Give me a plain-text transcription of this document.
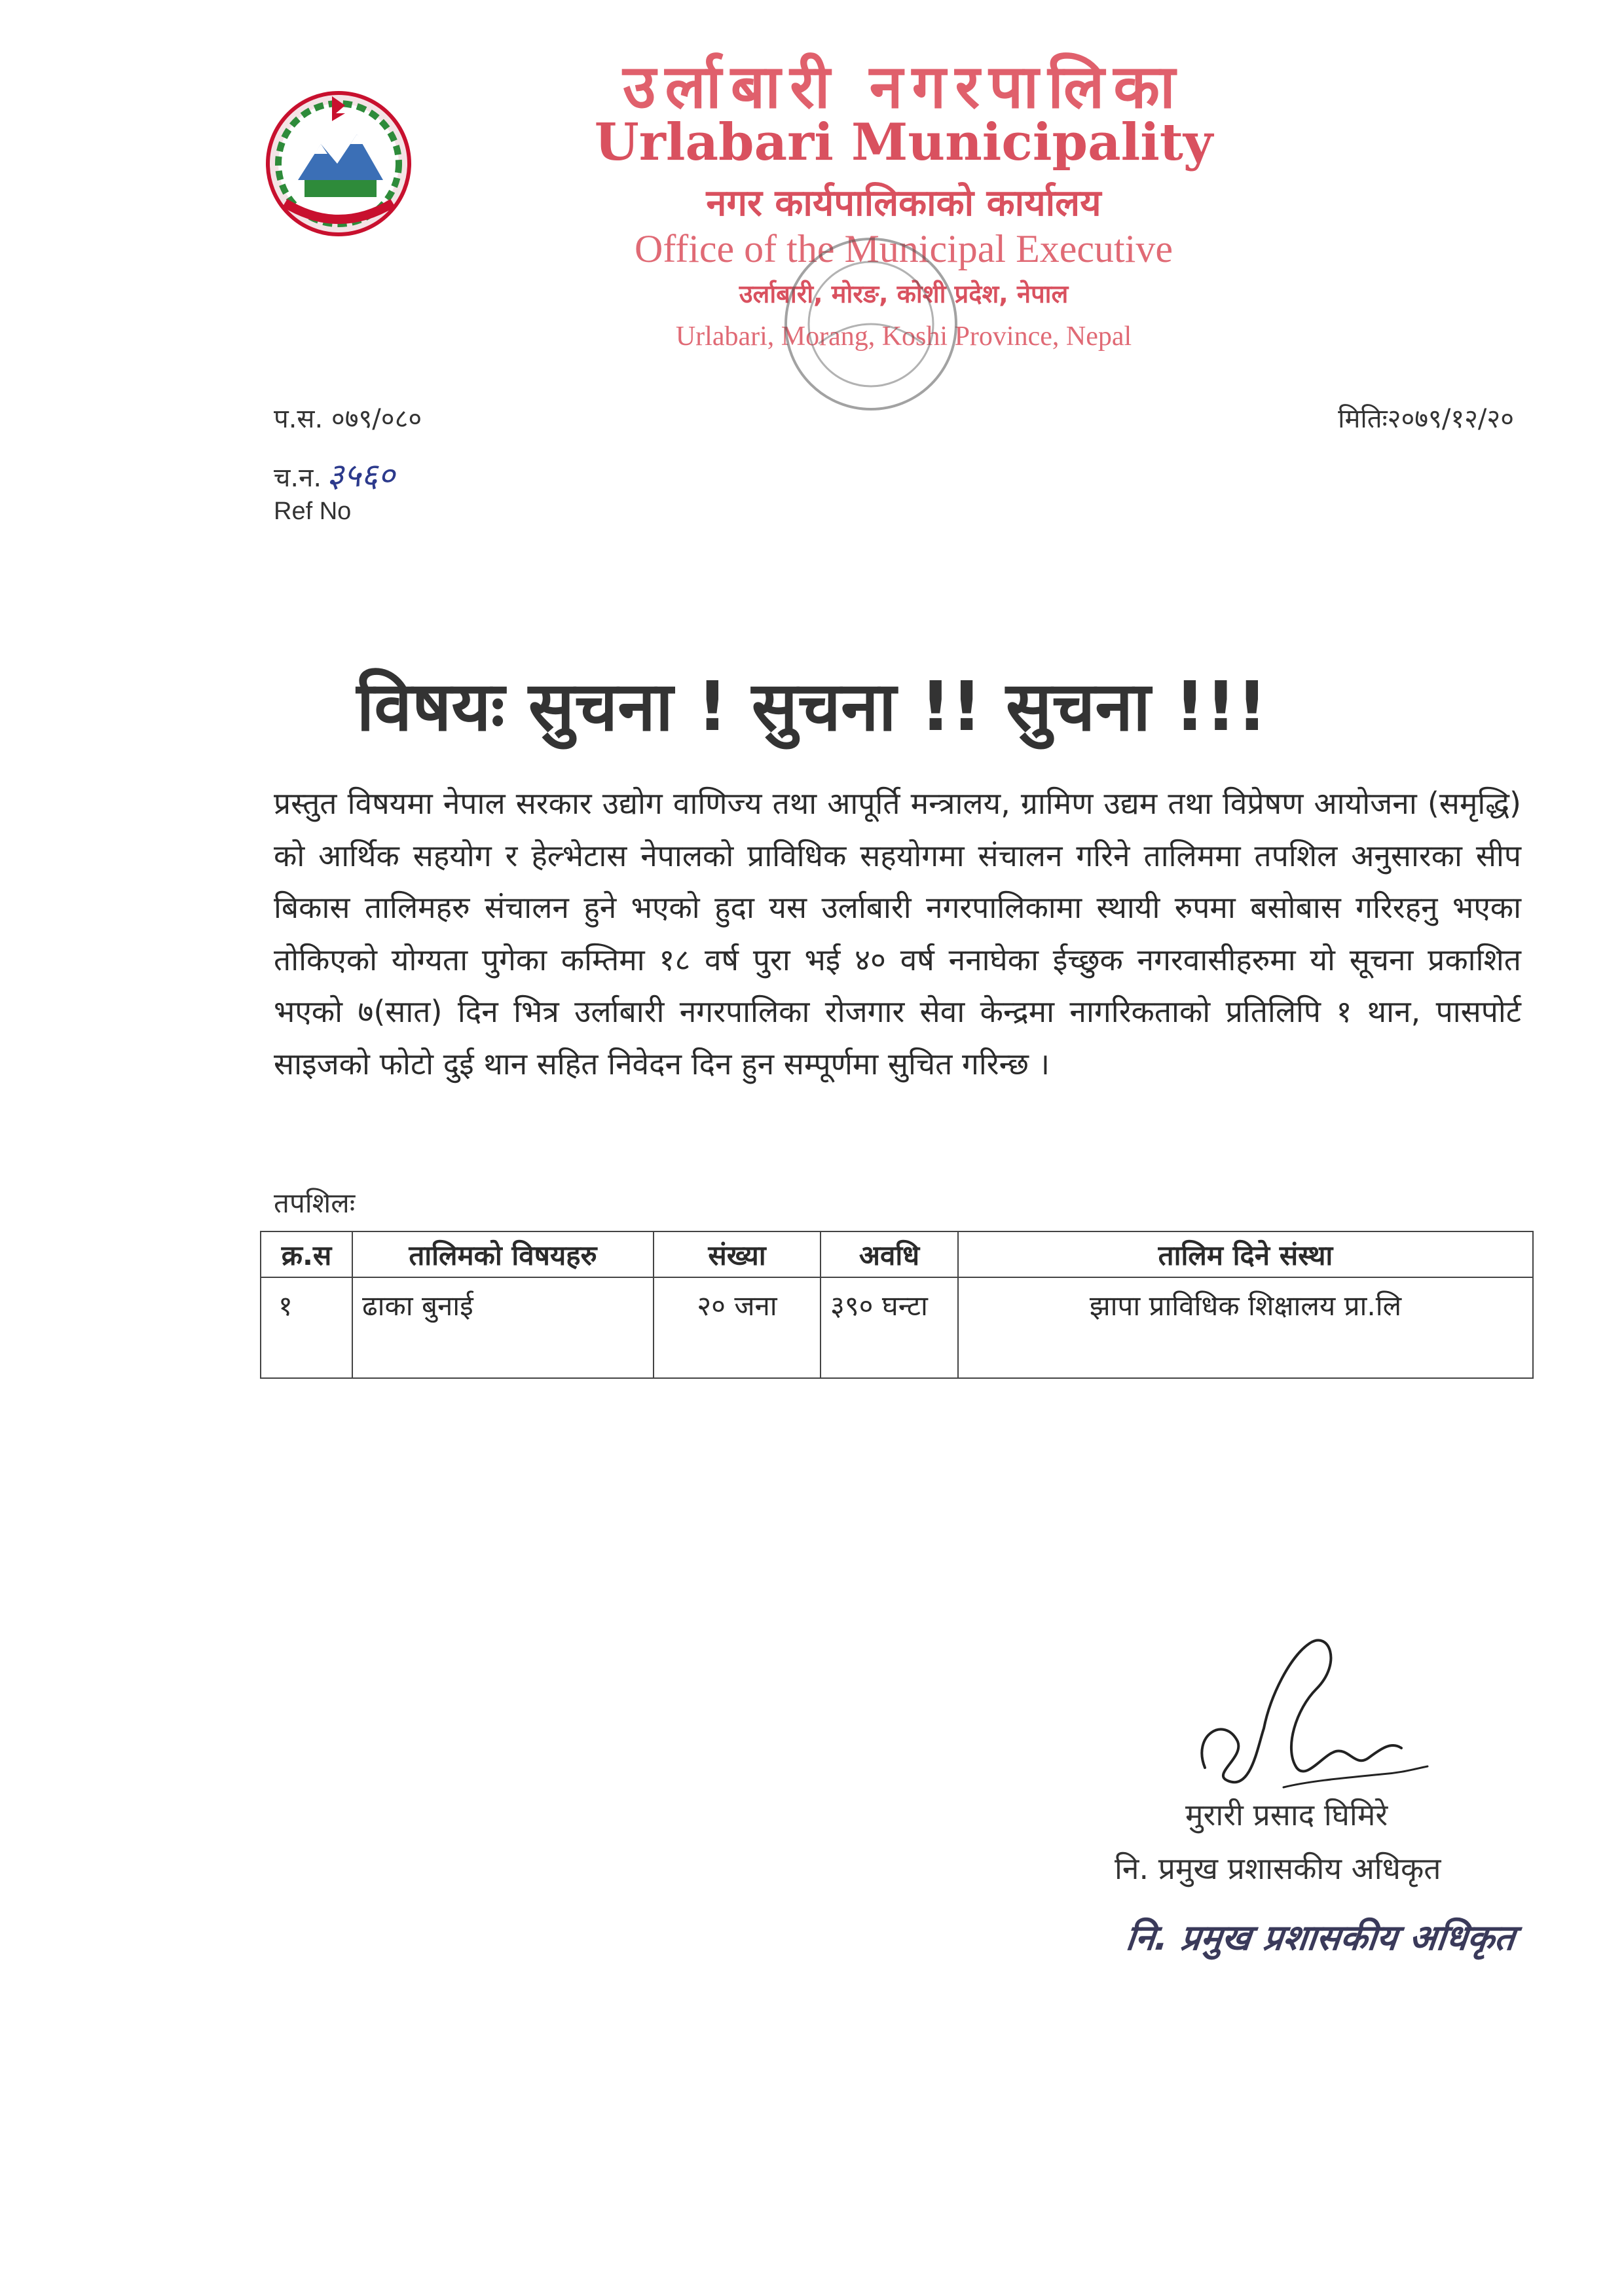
उर्लाबारी नगरपालिका
Urlabari Municipality
नगर कार्यपालिकाको कार्यालय
Office of the Municipal Executive
उर्लाबारी, मोरङ, कोशी प्रदेश, नेपाल
Urlabari, Morang, Koshi Province, Nepal
प.स. ०७९/०८०
च.न. ३५६०
Ref No
मितिः२०७९/१२/२०
विषयः सुचना ! सुचना !! सुचना !!!
प्रस्तुत विषयमा नेपाल सरकार उद्योग वाणिज्य तथा आपूर्ति मन्त्रालय, ग्रामिण उद्यम तथा विप्रेषण आयोजना (समृद्धि) को आर्थिक सहयोग र हेल्भेटास नेपालको प्राविधिक सहयोगमा संचालन गरिने तालिममा तपशिल अनुसारका सीप बिकास तालिमहरु संचालन हुने भएको हुदा यस उर्लाबारी नगरपालिकामा स्थायी रुपमा बसोबास गरिरहनु भएका तोकिएको योग्यता पुगेका कम्तिमा १८ वर्ष पुरा भई ४० वर्ष ननाघेका ईच्छुक नगरवासीहरुमा यो सूचना प्रकाशित भएको ७(सात) दिन भित्र उर्लाबारी नगरपालिका रोजगार सेवा केन्द्रमा नागरिकताको प्रतिलिपि १ थान, पासपोर्ट साइजको फोटो दुई थान सहित निवेदन दिन हुन सम्पूर्णमा सुचित गरिन्छ ।
तपशिलः
क्र.स	तालिमको विषयहरु	संख्या	अवधि	तालिम दिने संस्था
१	ढाका बुनाई	२० जना	३९० घन्टा	झापा प्राविधिक शिक्षालय प्रा.लि
मुरारी प्रसाद घिमिरे
नि. प्रमुख प्रशासकीय अधिकृत
नि. प्रमुख प्रशासकीय अधिकृत
